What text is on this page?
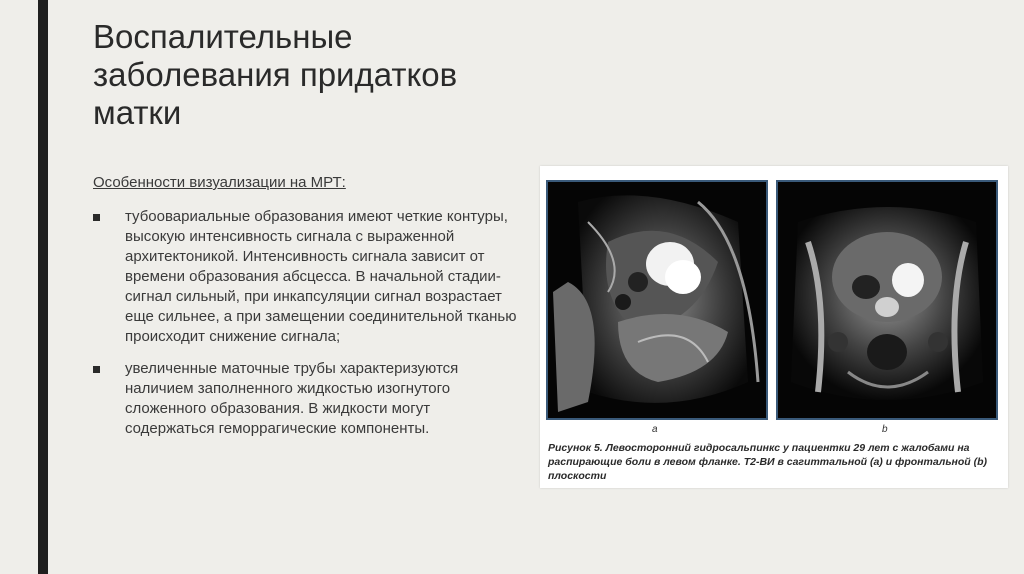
Воспалительные
заболевания придатков
матки
Особенности визуализации на МРТ:
тубоовариальные образования имеют четкие контуры, высокую интенсивность сигнала с выраженной архитектоникой. Интенсивность сигнала зависит от времени образования абсцесса. В начальной стадии- сигнал сильный, при инкапсуляции сигнал возрастает еще сильнее, а при замещении соединительной тканью происходит снижение сигнала;
увеличенные маточные трубы характеризуются наличием заполненного жидкостью изогнутого сложенного образования. В жидкости могут содержаться геморрагические компоненты.	a	b
Рисунок 5. Левосторонний гидросальпинкс у пациентки 29 лет с жалобами на распирающие боли в левом фланке. Т2-ВИ в сагиттальной (а) и фронтальной (b) плоскости
